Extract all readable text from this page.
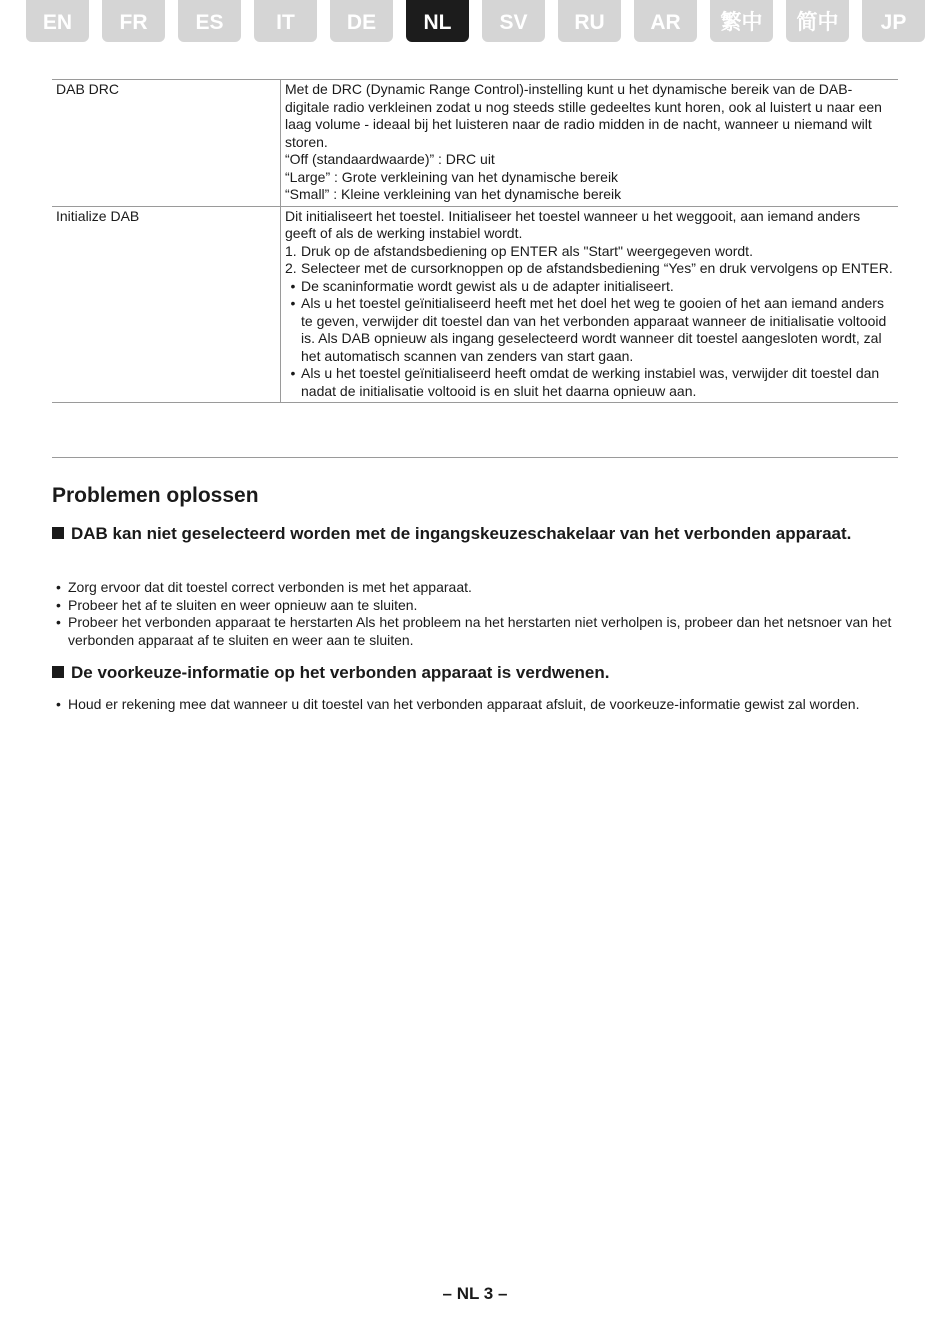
EN	FR	ES	IT	DE	NL	SV	RU	AR	繁中	简中	JP
DAB DRC	Met de DRC (Dynamic Range Control)-instelling kunt u het dynamische bereik van de DAB-digitale radio verkleinen zodat u nog steeds stille gedeeltes kunt horen, ook al luistert u naar een laag volume - ideaal bij het luisteren naar de radio midden in de nacht, wanneer u niemand wilt storen.
“Off (standaardwaarde)” : DRC uit
“Large” : Grote verkleining van het dynamische bereik
“Small” : Kleine verkleining van het dynamische bereik
Initialize DAB	Dit initialiseert het toestel. Initialiseer het toestel wanneer u het weggooit, aan iemand anders geeft of als de werking instabiel wordt.
1. Druk op de afstandsbediening op ENTER als "Start" weergegeven wordt.
2. Selecteer met de cursorknoppen op de afstandsbediening “Yes” en druk vervolgens op ENTER.
• De scaninformatie wordt gewist als u de adapter initialiseert.
• Als u het toestel geïnitialiseerd heeft met het doel het weg te gooien of het aan iemand anders te geven, verwijder dit toestel dan van het verbonden apparaat wanneer de initialisatie voltooid is. Als DAB opnieuw als ingang geselecteerd wordt wanneer dit toestel aangesloten wordt, zal het automatisch scannen van zenders van start gaan.
• Als u het toestel geïnitialiseerd heeft omdat de werking instabiel was, verwijder dit toestel dan nadat de initialisatie voltooid is en sluit het daarna opnieuw aan.
Problemen oplossen
DAB kan niet geselecteerd worden met de ingangskeuzeschakelaar van het verbonden apparaat.
• Zorg ervoor dat dit toestel correct verbonden is met het apparaat.
• Probeer het af te sluiten en weer opnieuw aan te sluiten.
• Probeer het verbonden apparaat te herstarten Als het probleem na het herstarten niet verholpen is, probeer dan het netsnoer van het verbonden apparaat af te sluiten en weer aan te sluiten.
De voorkeuze-informatie op het verbonden apparaat is verdwenen.
• Houd er rekening mee dat wanneer u dit toestel van het verbonden apparaat afsluit, de voorkeuze-informatie gewist zal worden.
– NL 3 –
